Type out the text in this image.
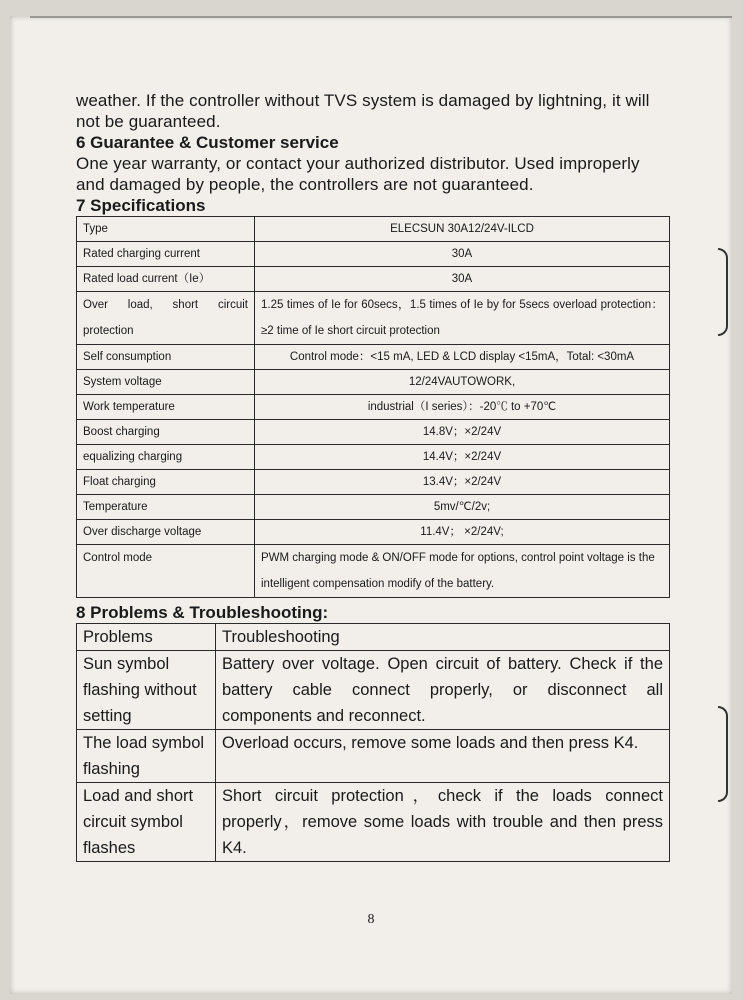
weather. If the controller without TVS system is damaged by lightning, it will not be guaranteed.

6 Guarantee & Customer service

One year warranty, or contact your authorized distributor. Used improperly and damaged by people, the controllers are not guaranteed.

7 Specifications
Type	ELECSUN 30A12/24V-ILCD
Rated charging current	30A
Rated load current（Ie）	30A
Over load, short circuit protection	1.25 times of Ie for 60secs，1.5 times of Ie by for 5secs overload protection：≥2 time of Ie short circuit protection
Self consumption	Control mode：<15 mA, LED & LCD display <15mA，Total: <30mA
System voltage	12/24VAUTOWORK,
Work temperature	industrial（I series）：-20℃ to +70℃
Boost charging	14.8V；×2/24V
equalizing charging	14.4V；×2/24V
Float charging	13.4V；×2/24V
Temperature	5mv/℃/2v;
Over discharge voltage	11.4V； ×2/24V;
Control mode	PWM charging mode & ON/OFF mode for options, control point voltage is the intelligent compensation modify of the battery.
8 Problems & Troubleshooting:
Problems	Troubleshooting
Sun symbol flashing without setting	Battery over voltage. Open circuit of battery. Check if the battery cable connect properly, or disconnect all components and reconnect.
The load symbol flashing	Overload occurs, remove some loads and then press K4.
Load and short circuit symbol flashes	Short circuit protection，check if the loads connect properly，remove some loads with trouble and then press K4.
8
